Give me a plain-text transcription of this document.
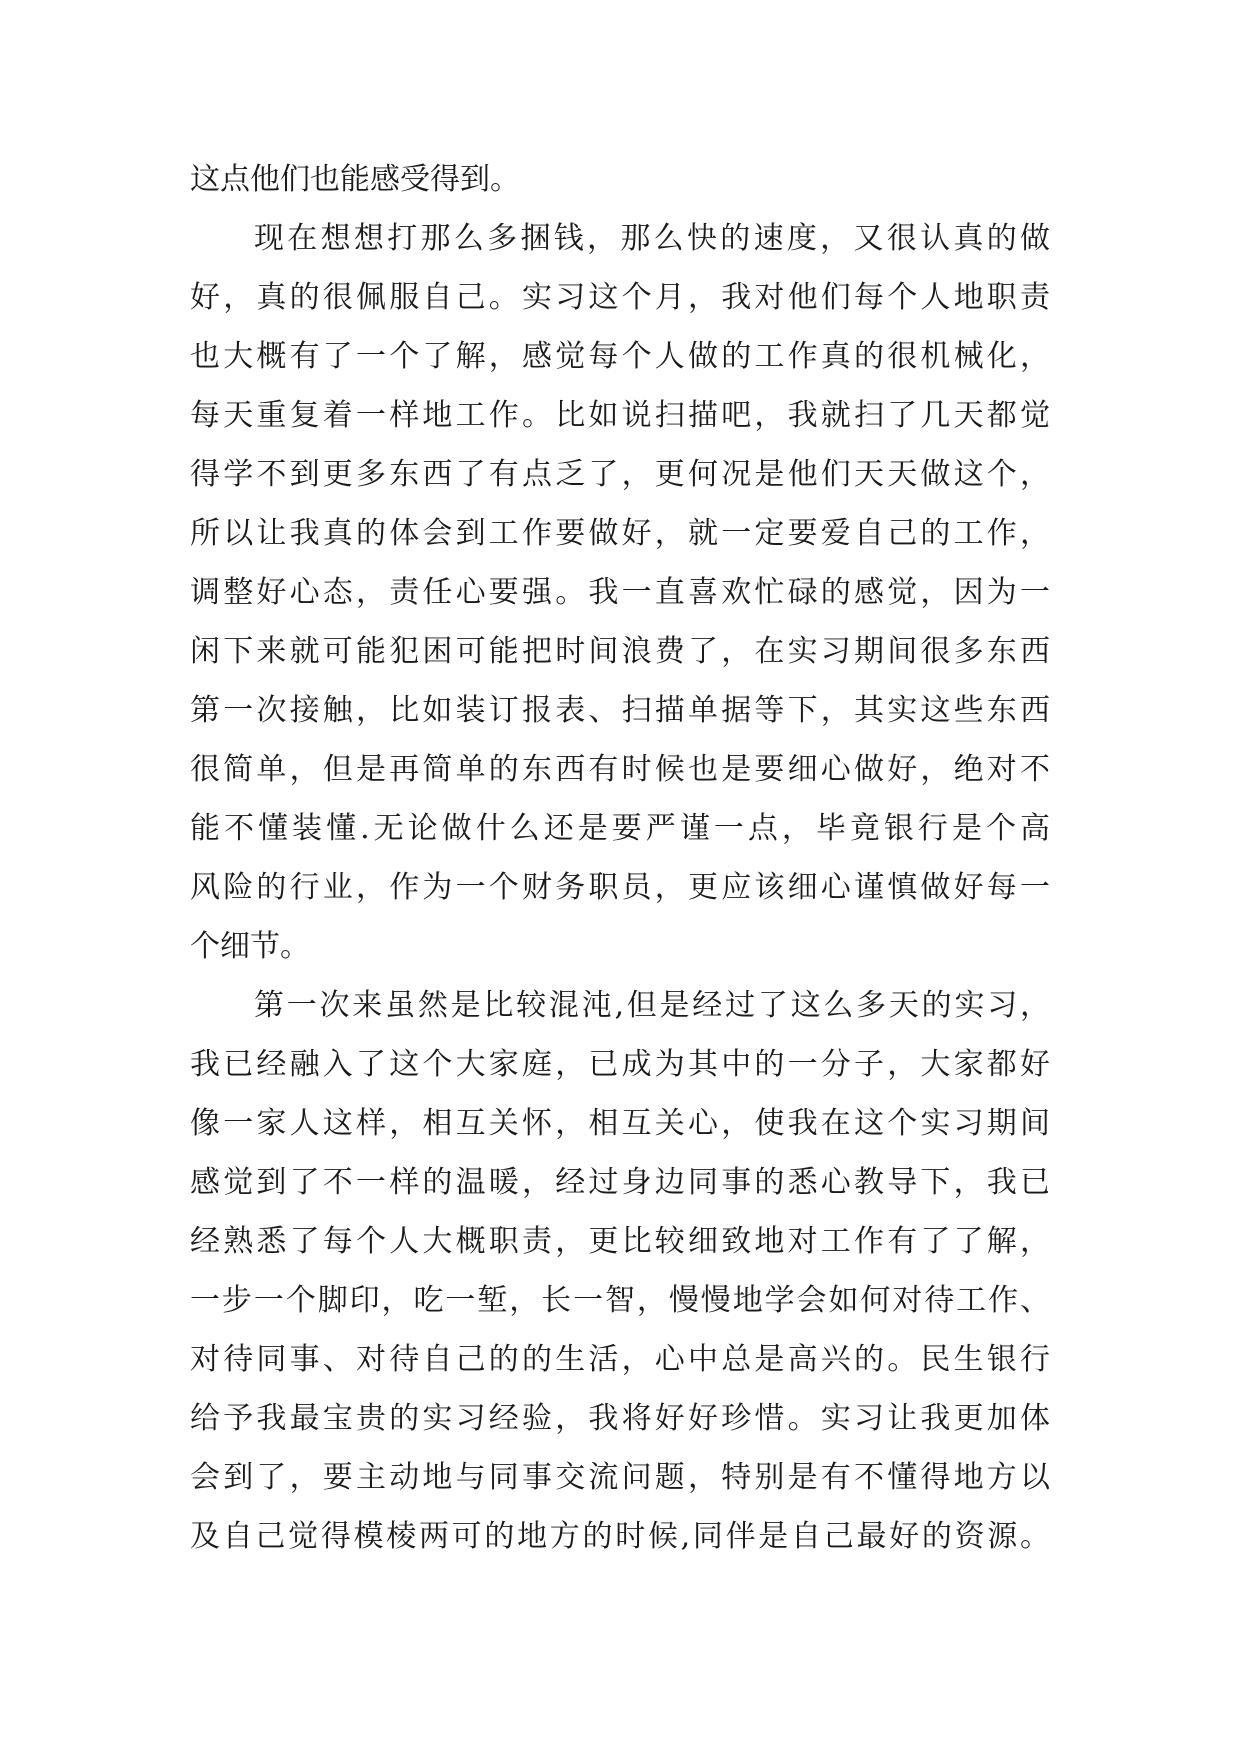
这点他们也能感受得到。
现在想想打那么多捆钱，那么快的速度，又很认真的做
好，真的很佩服自己。实习这个月，我对他们每个人地职责
也大概有了一个了解，感觉每个人做的工作真的很机械化，
每天重复着一样地工作。比如说扫描吧，我就扫了几天都觉
得学不到更多东西了有点乏了，更何况是他们天天做这个，
所以让我真的体会到工作要做好，就一定要爱自己的工作，
调整好心态，责任心要强。我一直喜欢忙碌的感觉，因为一
闲下来就可能犯困可能把时间浪费了，在实习期间很多东西
第一次接触，比如装订报表、扫描单据等下，其实这些东西
很简单，但是再简单的东西有时候也是要细心做好，绝对不
能不懂装懂.无论做什么还是要严谨一点，毕竟银行是个高
风险的行业，作为一个财务职员，更应该细心谨慎做好每一
个细节。
第一次来虽然是比较混沌,但是经过了这么多天的实习，
我已经融入了这个大家庭，已成为其中的一分子，大家都好
像一家人这样，相互关怀，相互关心，使我在这个实习期间
感觉到了不一样的温暖，经过身边同事的悉心教导下，我已
经熟悉了每个人大概职责，更比较细致地对工作有了了解，
一步一个脚印，吃一堑，长一智，慢慢地学会如何对待工作、
对待同事、对待自己的的生活，心中总是高兴的。民生银行
给予我最宝贵的实习经验，我将好好珍惜。实习让我更加体
会到了，要主动地与同事交流问题，特别是有不懂得地方以
及自己觉得模棱两可的地方的时候,同伴是自己最好的资源。
